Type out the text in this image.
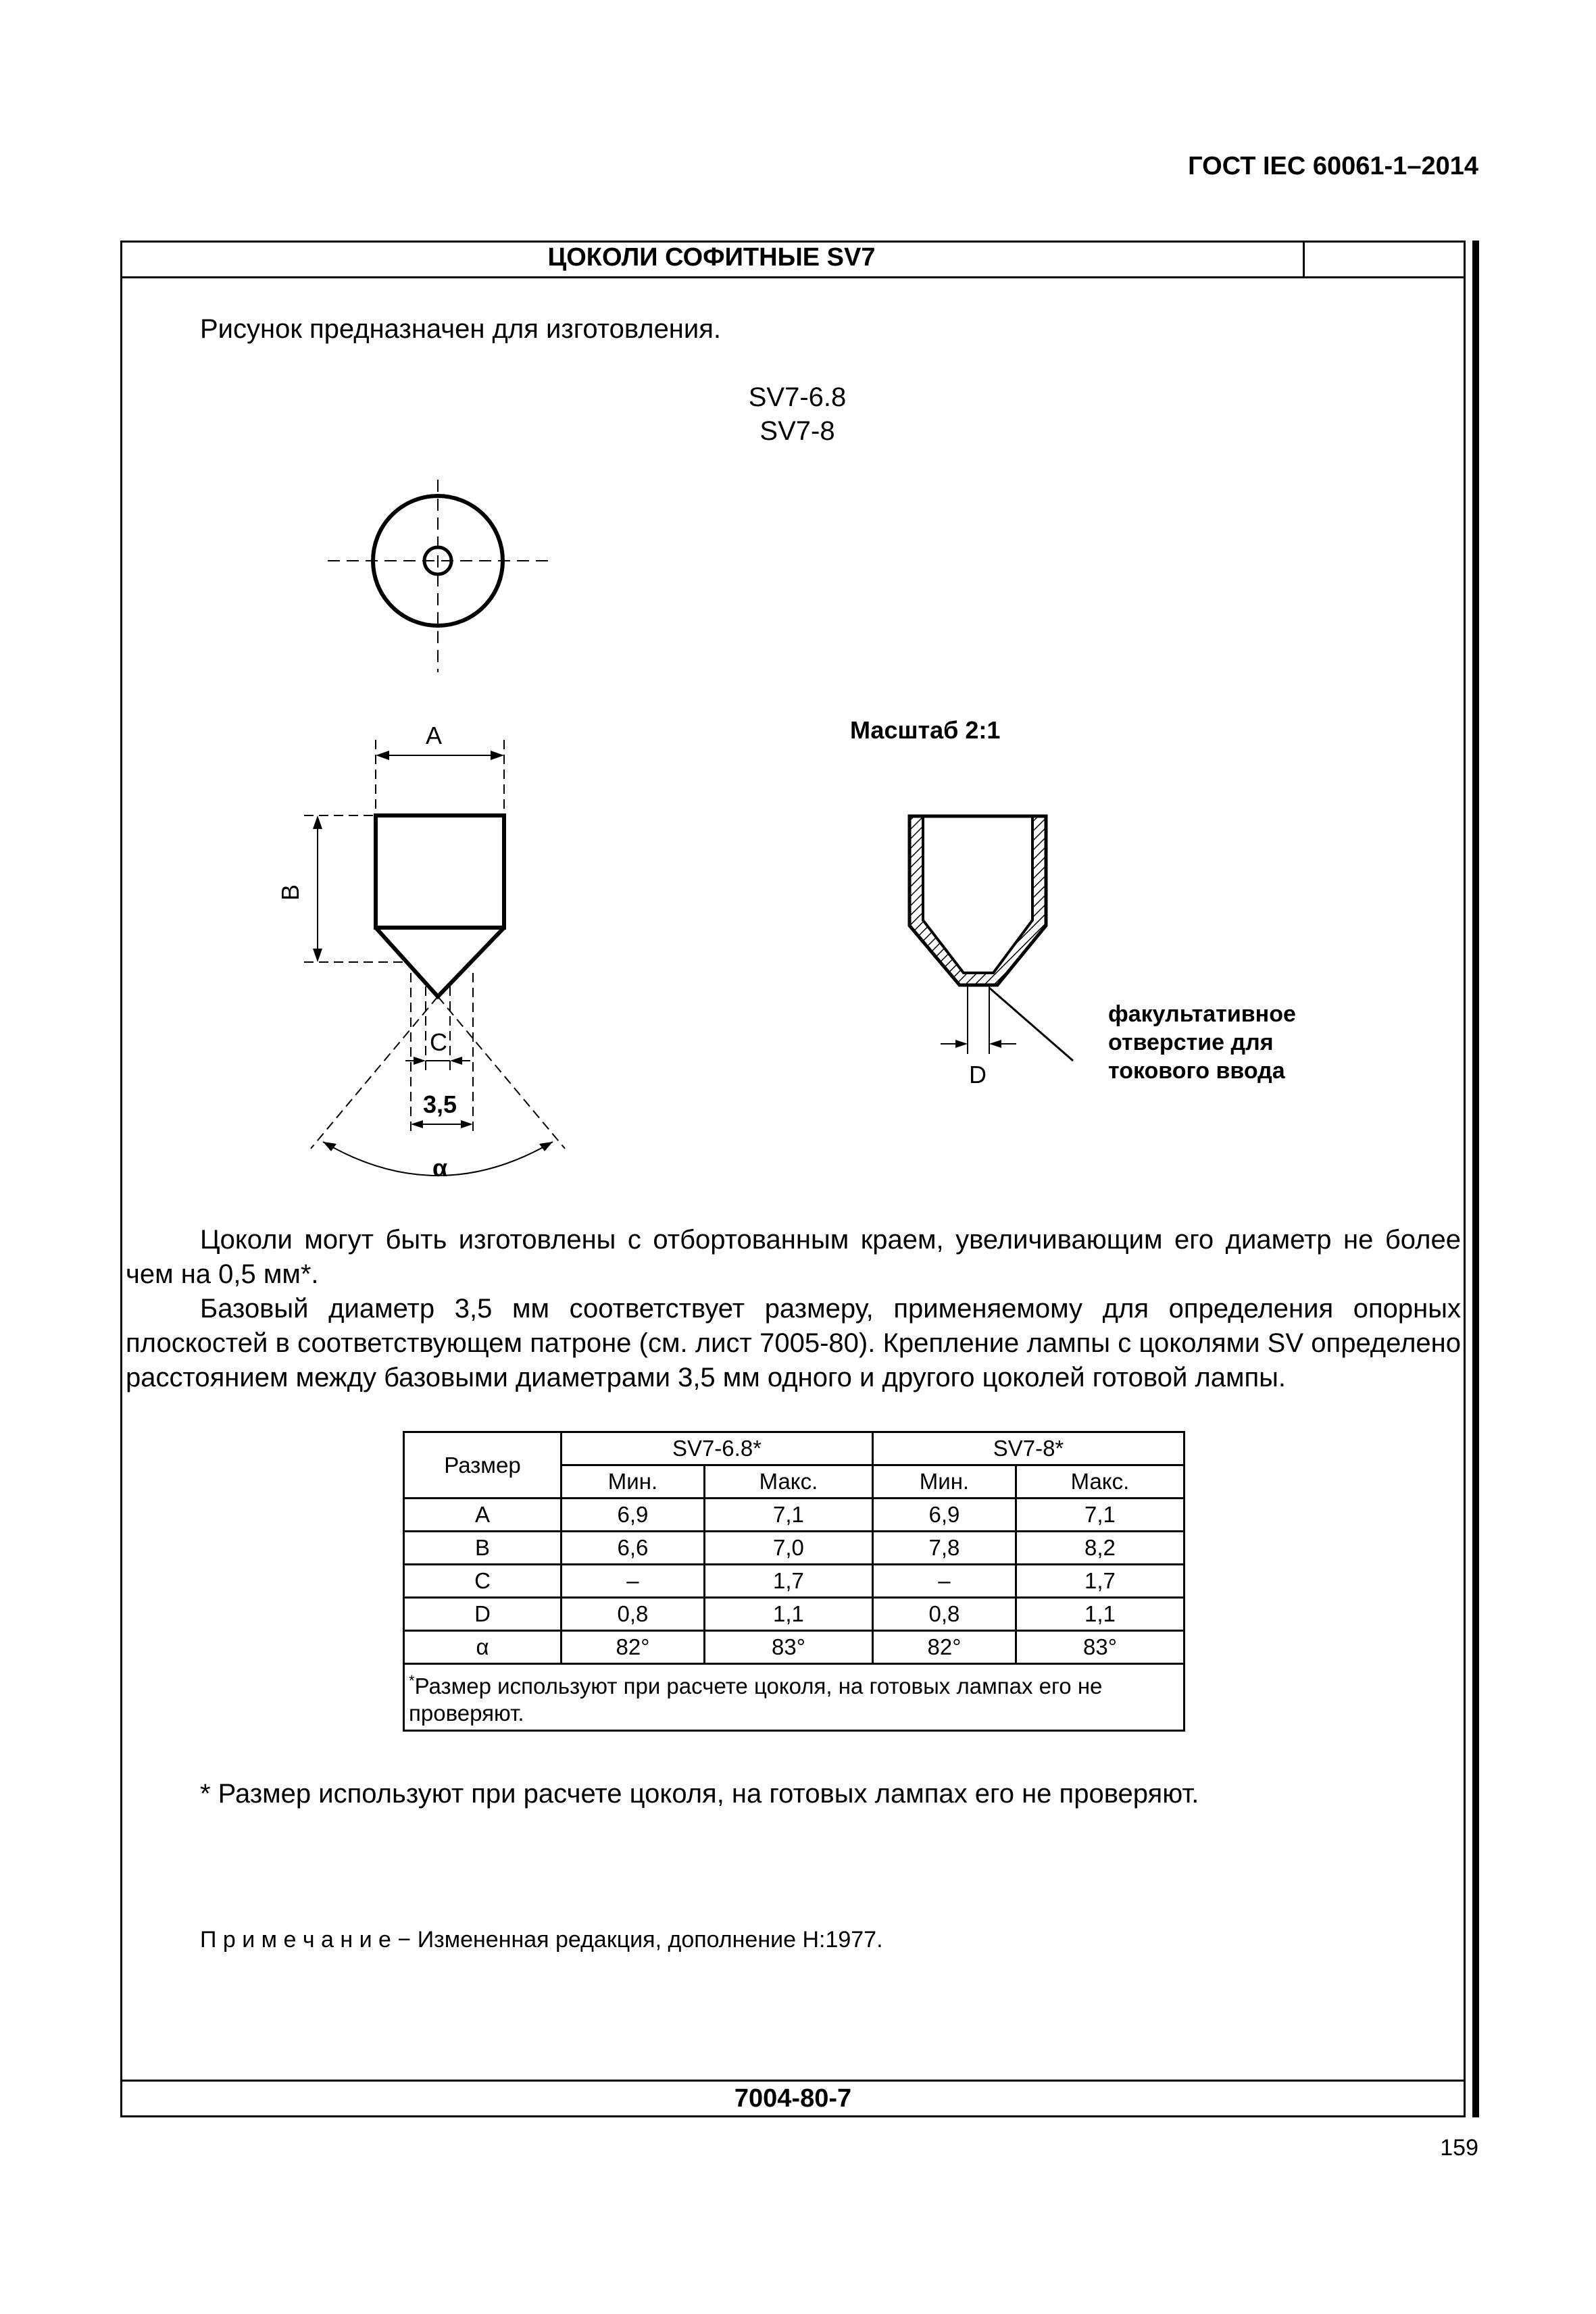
ГОСТ IEC 60061-1–2014
ЦОКОЛИ СОФИТНЫЕ SV7
Рисунок предназначен для изготовления.
SV7-6.8
SV7-8
A
B
C
3,5
α
Масштаб 2:1
D
факультативное
отверстие для
токового ввода
Цоколи могут быть изготовлены с отбортованным краем, увеличивающим его диаметр не более чем на 0,5 мм*.
Базовый диаметр 3,5 мм соответствует размеру, применяемому для определения опорных плоскостей в соответствующем патроне (см. лист 7005-80). Крепление лампы с цоколями SV определено расстоянием между базовыми диаметрами 3,5 мм одного и другого цоколей готовой лампы.
Размер	SV7-6.8*		SV7-8*	
	Мин.	Макс.	Мин.	Макс.
A	6,9	7,1	6,9	7,1
B	6,6	7,0	7,8	8,2
C	–	1,7	–	1,7
D	0,8	1,1	0,8	1,1
α	82°	83°	82°	83°
*Размер используют при расчете цоколя, на готовых лампах его не проверяют.				
* Размер используют при расчете цоколя, на готовых лампах его не проверяют.
П р и м е ч а н и е − Измененная редакция, дополнение Н:1977.
7004-80-7
159
